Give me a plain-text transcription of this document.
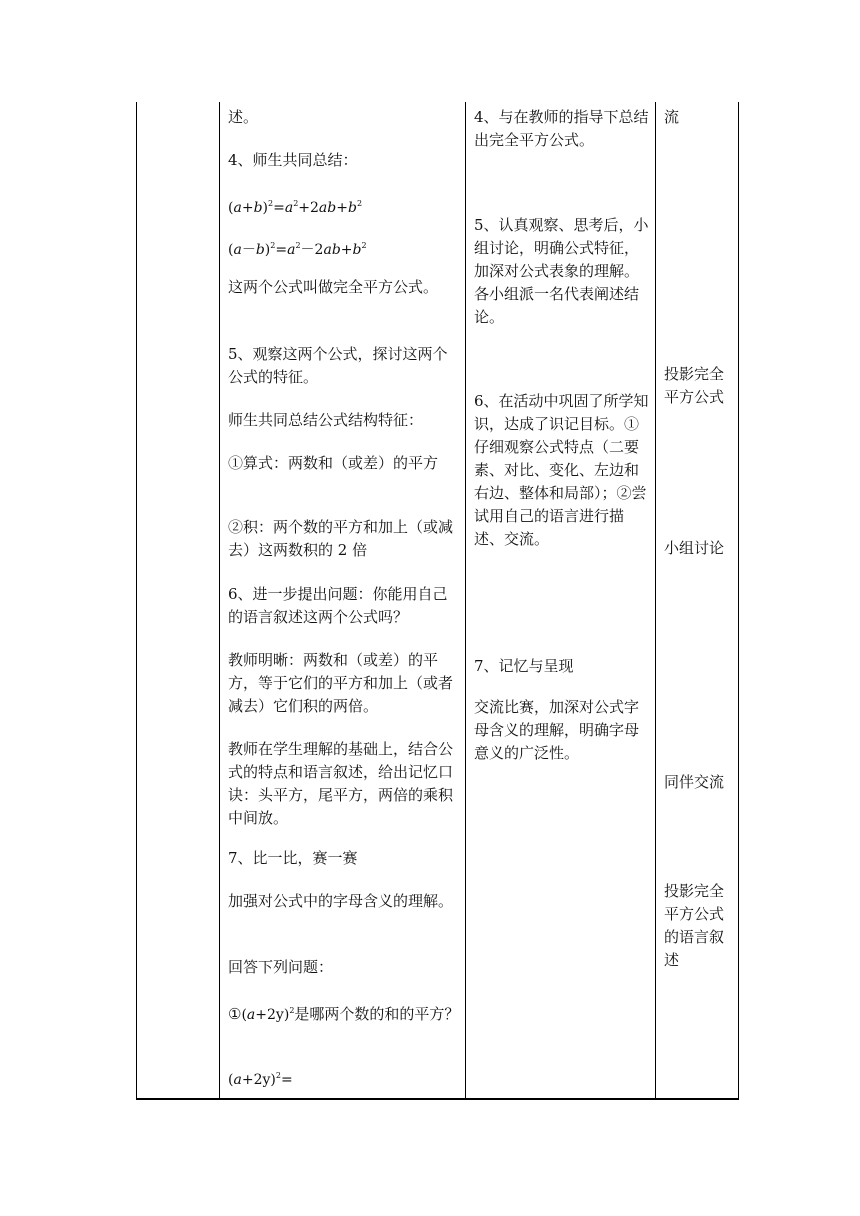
述。
4、师生共同总结：
$(a+b)^2=a^2+2ab+b^2$
$(a-b)^2=a^2-2ab+b^2$
这两个公式叫做完全平方公式。
5、观察这两个公式，探讨这两个公式的特征。
师生共同总结公式结构特征：
①算式：两数和（或差）的平方
②积：两个数的平方和加上（或减去）这两数积的 2 倍
6、进一步提出问题：你能用自己的语言叙述这两个公式吗？
教师明晰：两数和（或差）的平方，等于它们的平方和加上（或者减去）它们积的两倍。
教师在学生理解的基础上，结合公式的特点和语言叙述，给出记忆口诀：头平方，尾平方，两倍的乘积中间放。
7、比一比，赛一赛
加强对公式中的字母含义的理解。
回答下列问题：
$①(a+2y)^2$是哪两个数的和的平方？
$(a+2y)^2=$
4、与在教师的指导下总结出完全平方公式。
5、认真观察、思考后，小组讨论，明确公式特征，加深对公式表象的理解。各小组派一名代表阐述结论。
6、在活动中巩固了所学知识，达成了识记目标。①仔细观察公式特点（二要素、对比、变化、左边和右边、整体和局部）；②尝试用自己的语言进行描述、交流。
7、记忆与呈现
交流比赛，加深对公式字母含义的理解，明确字母意义的广泛性。
流
投影完全平方公式
小组讨论
同伴交流
投影完全平方公式的语言叙述
